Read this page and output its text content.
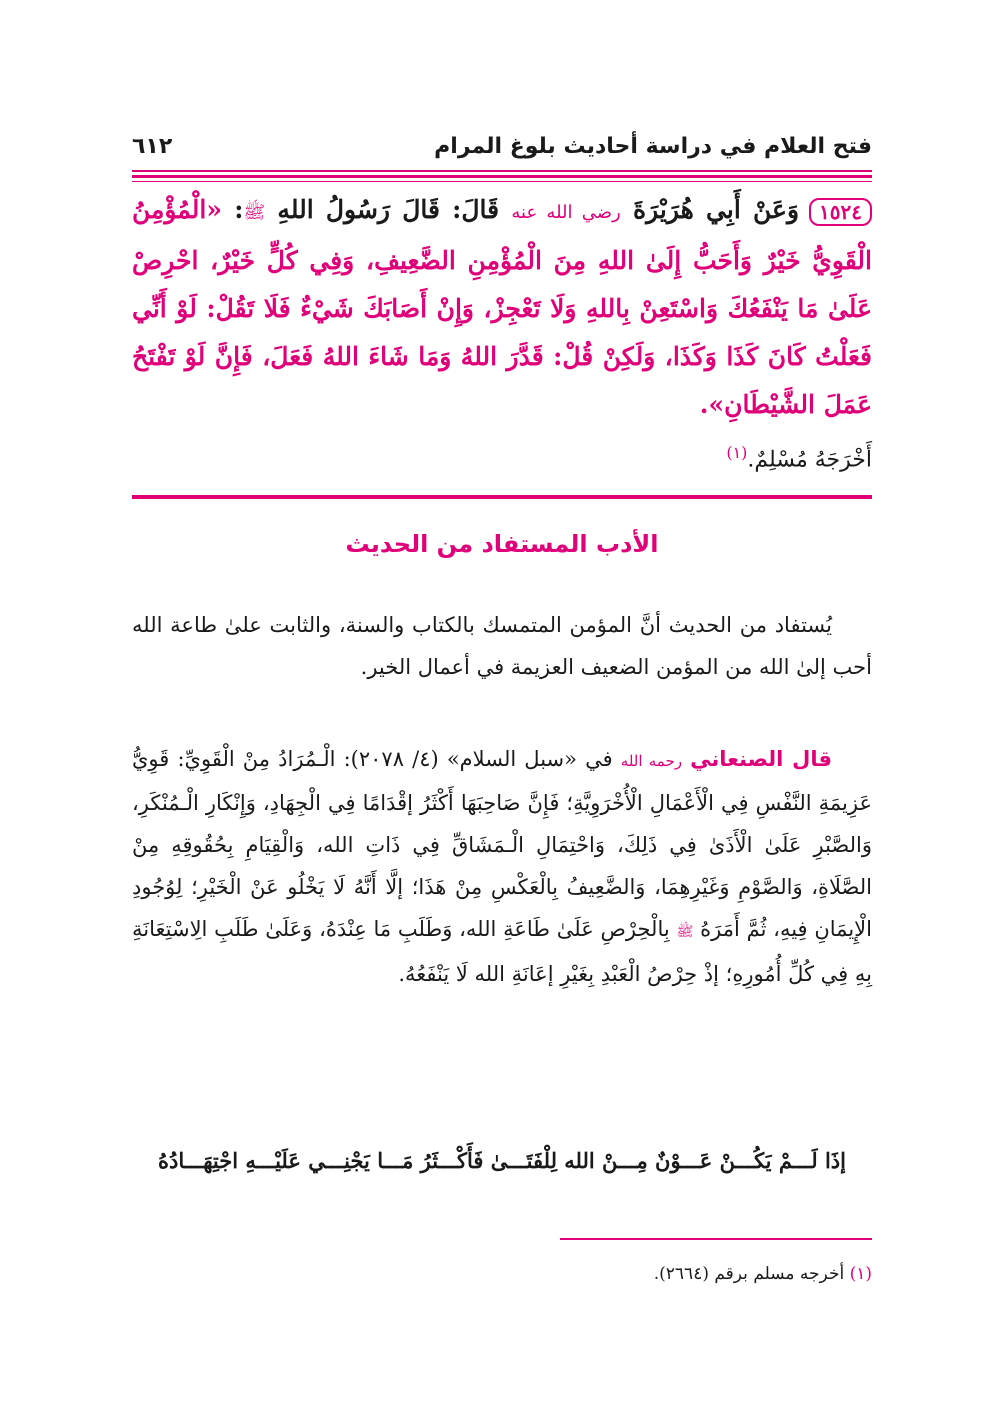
فتح العلام في دراسة أحاديث بلوغ المرام
٦١٢
١٥٢٤وَعَنْ أَبِي هُرَيْرَةَ رضي الله عنه قَالَ: قَالَ رَسُولُ اللهِ ﷺ: «الْمُؤْمِنُ الْقَوِيُّ خَيْرٌ وَأَحَبُّ إِلَىٰ اللهِ مِنَ الْمُؤْمِنِ الضَّعِيفِ، وَفِي كُلٍّ خَيْرٌ، احْرِصْ عَلَىٰ مَا يَنْفَعُكَ وَاسْتَعِنْ بِاللهِ وَلَا تَعْجِزْ، وَإِنْ أَصَابَكَ شَيْءٌ فَلَا تَقُلْ: لَوْ أَنِّي فَعَلْتُ كَانَ كَذَا وَكَذَا، وَلَكِنْ قُلْ: قَدَّرَ اللهُ وَمَا شَاءَ اللهُ فَعَلَ، فَإِنَّ لَوْ تَفْتَحُ عَمَلَ الشَّيْطَانِ».
أَخْرَجَهُ مُسْلِمٌ.$^{(١)}$
الأدب المستفاد من الحديث
يُستفاد من الحديث أنَّ المؤمن المتمسك بالكتاب والسنة، والثابت علىٰ طاعة الله أحب إلىٰ الله من المؤمن الضعيف العزيمة في أعمال الخير.
قال الصنعاني رحمه الله في «سبل السلام» (٤/ ٢٠٧٨): الْـمُرَادُ مِنْ الْقَوِيِّ: قَوِيُّ عَزِيمَةِ النَّفْسِ فِي الْأَعْمَالِ الْأُخْرَوِيَّةِ؛ فَإِنَّ صَاحِبَهَا أَكْثَرُ إقْدَامًا فِي الْجِهَادِ، وَإِنْكَارِ الْـمُنْكَرِ، وَالصَّبْرِ عَلَىٰ الْأَذَىٰ فِي ذَلِكَ، وَاحْتِمَالِ الْـمَشَاقِّ فِي ذَاتِ الله، وَالْقِيَامِ بِحُقُوقِهِ مِنْ الصَّلَاةِ، وَالصَّوْمِ وَغَيْرِهِمَا، وَالضَّعِيفُ بِالْعَكْسِ مِنْ هَذَا؛ إلَّا أَنَّهُ لَا يَخْلُو عَنْ الْخَيْرِ؛ لِوُجُودِ الْإِيمَانِ فِيهِ، ثُمَّ أَمَرَهُ ﷺ بِالْحِرْصِ عَلَىٰ طَاعَةِ الله، وَطَلَبِ مَا عِنْدَهُ، وَعَلَىٰ طَلَبِ الِاسْتِعَانَةِ بِهِ فِي كُلِّ أُمُورِهِ؛ إذْ حِرْصُ الْعَبْدِ بِغَيْرِ إعَانَةِ الله لَا يَنْفَعُهُ.
إذَا لَـــمْ يَكُـــنْ عَـــوْنٌ مِـــنْ الله لِلْفَتَـــىٰ
فَأَكْـــثَرُ مَـــا يَجْنِـــي عَلَيْـــهِ اجْتِهَـــادُهُ
(١) أخرجه مسلم برقم (٢٦٦٤).
